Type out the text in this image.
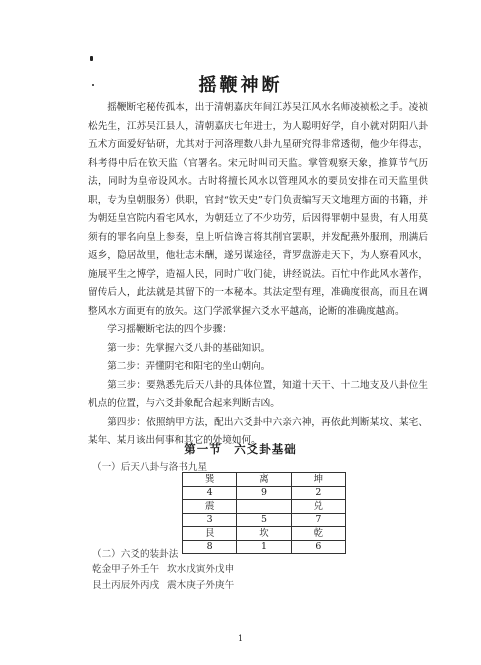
摇鞭神断

摇鞭断宅秘传孤本，出于清朝嘉庆年间江苏吴江风水名师凌祯松之手。凌祯松先生，江苏吴江县人，清朝嘉庆七年进士，为人聪明好学，自小就对阴阳八卦五术方面爱好钻研，尤其对于河洛理数八卦九星研究得非常透彻，他少年得志，科考得中后在钦天监（官署名。宋元时叫司天监。掌管观察天象，推算节气历法，同时为皇帝设风水。古时将擅长风水以管理风水的要员安排在司天监里供职，专为皇朝服务）供职，官封“钦天史”专门负责编写天文地理方面的书籍，并为朝廷皇宫院内看宅风水，为朝廷立了不少功劳，后因得罪朝中显贵，有人用莫须有的罪名向皇上参奏，皇上听信谗言将其削官罢职，并发配燕外服刑，刑满后返乡，隐居故里，他壮志未酬，遂另谋途径，背罗盘游走天下，为人察看风水，施展平生之博学，造福人民，同时广收门徒，讲经说法。百忙中作此风水著作，留传后人，此法就是其留下的一本秘本。其法定型有理，准确度很高，而且在调整风水方面更有的放矢。这门学派掌握六爻水平越高，论断的准确度越高。

学习摇鞭断宅法的四个步骤：

第一步：先掌握六爻八卦的基础知识。

第二步：弄懂阴宅和阳宅的坐山朝向。

第三步：要熟悉先后天八卦的具体位置，知道十天干、十二地支及八卦位生机点的位置，与六爻卦象配合起来判断吉凶。

第四步：依照纳甲方法，配出六爻卦中六亲六神，再依此判断某坟、某宅、某年、某月该出何事和其它的处境如何。

第一节　六爻卦基础
（一）后天八卦与洛书九星
巽	离	坤
4	9	2
震		兑
3	5	7
艮	坎	乾
8	1	6
（二）六爻的装卦法
乾金甲子外壬午 坎水戊寅外戊申
艮土丙辰外丙戌 震木庚子外庚午
1
